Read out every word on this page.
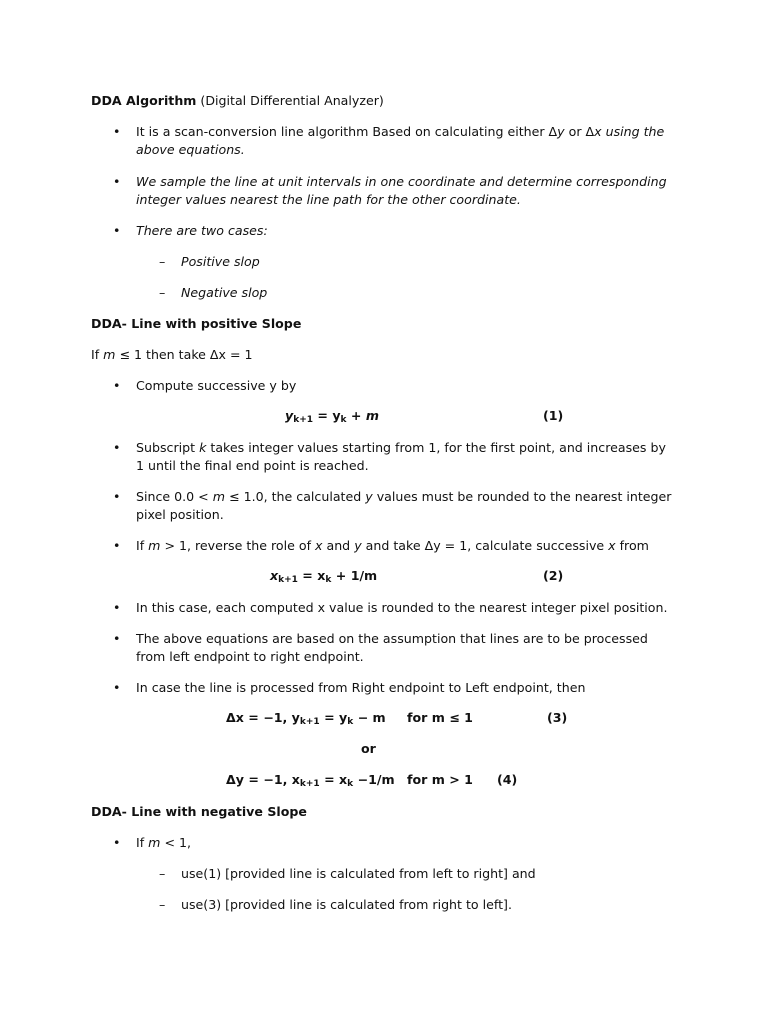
DDA Algorithm (Digital Differential Analyzer)
• It is a scan-conversion line algorithm Based on calculating either Δy or Δx using the
above equations.
• We sample the line at unit intervals in one coordinate and determine corresponding
integer values nearest the line path for the other coordinate.
• There are two cases:
– Positive slop
– Negative slop
DDA- Line with positive Slope
If m ≤ 1 then take Δx = 1
• Compute successive y by
$y_{k+1} = y_k + m$	(1)
• Subscript k takes integer values starting from 1, for the first point, and increases by
1 until the final end point is reached.
• Since 0.0 < m ≤ 1.0, the calculated y values must be rounded to the nearest integer
pixel position.
• If m > 1, reverse the role of x and y and take Δy = 1, calculate successive x from
$x_{k+1} = x_k + 1/m$	(2)
• In this case, each computed x value is rounded to the nearest integer pixel position.
• The above equations are based on the assumption that lines are to be processed
from left endpoint to right endpoint.
• In case the line is processed from Right endpoint to Left endpoint, then
Δx = −1, $y_{k+1} = y_k - m$ for m ≤ 1	(3)
or
Δy = −1, $x_{k+1} = x_k -1/m$ for m > 1 (4)
DDA- Line with negative Slope
• If m < 1,
– use(1) [provided line is calculated from left to right] and
– use(3) [provided line is calculated from right to left].
